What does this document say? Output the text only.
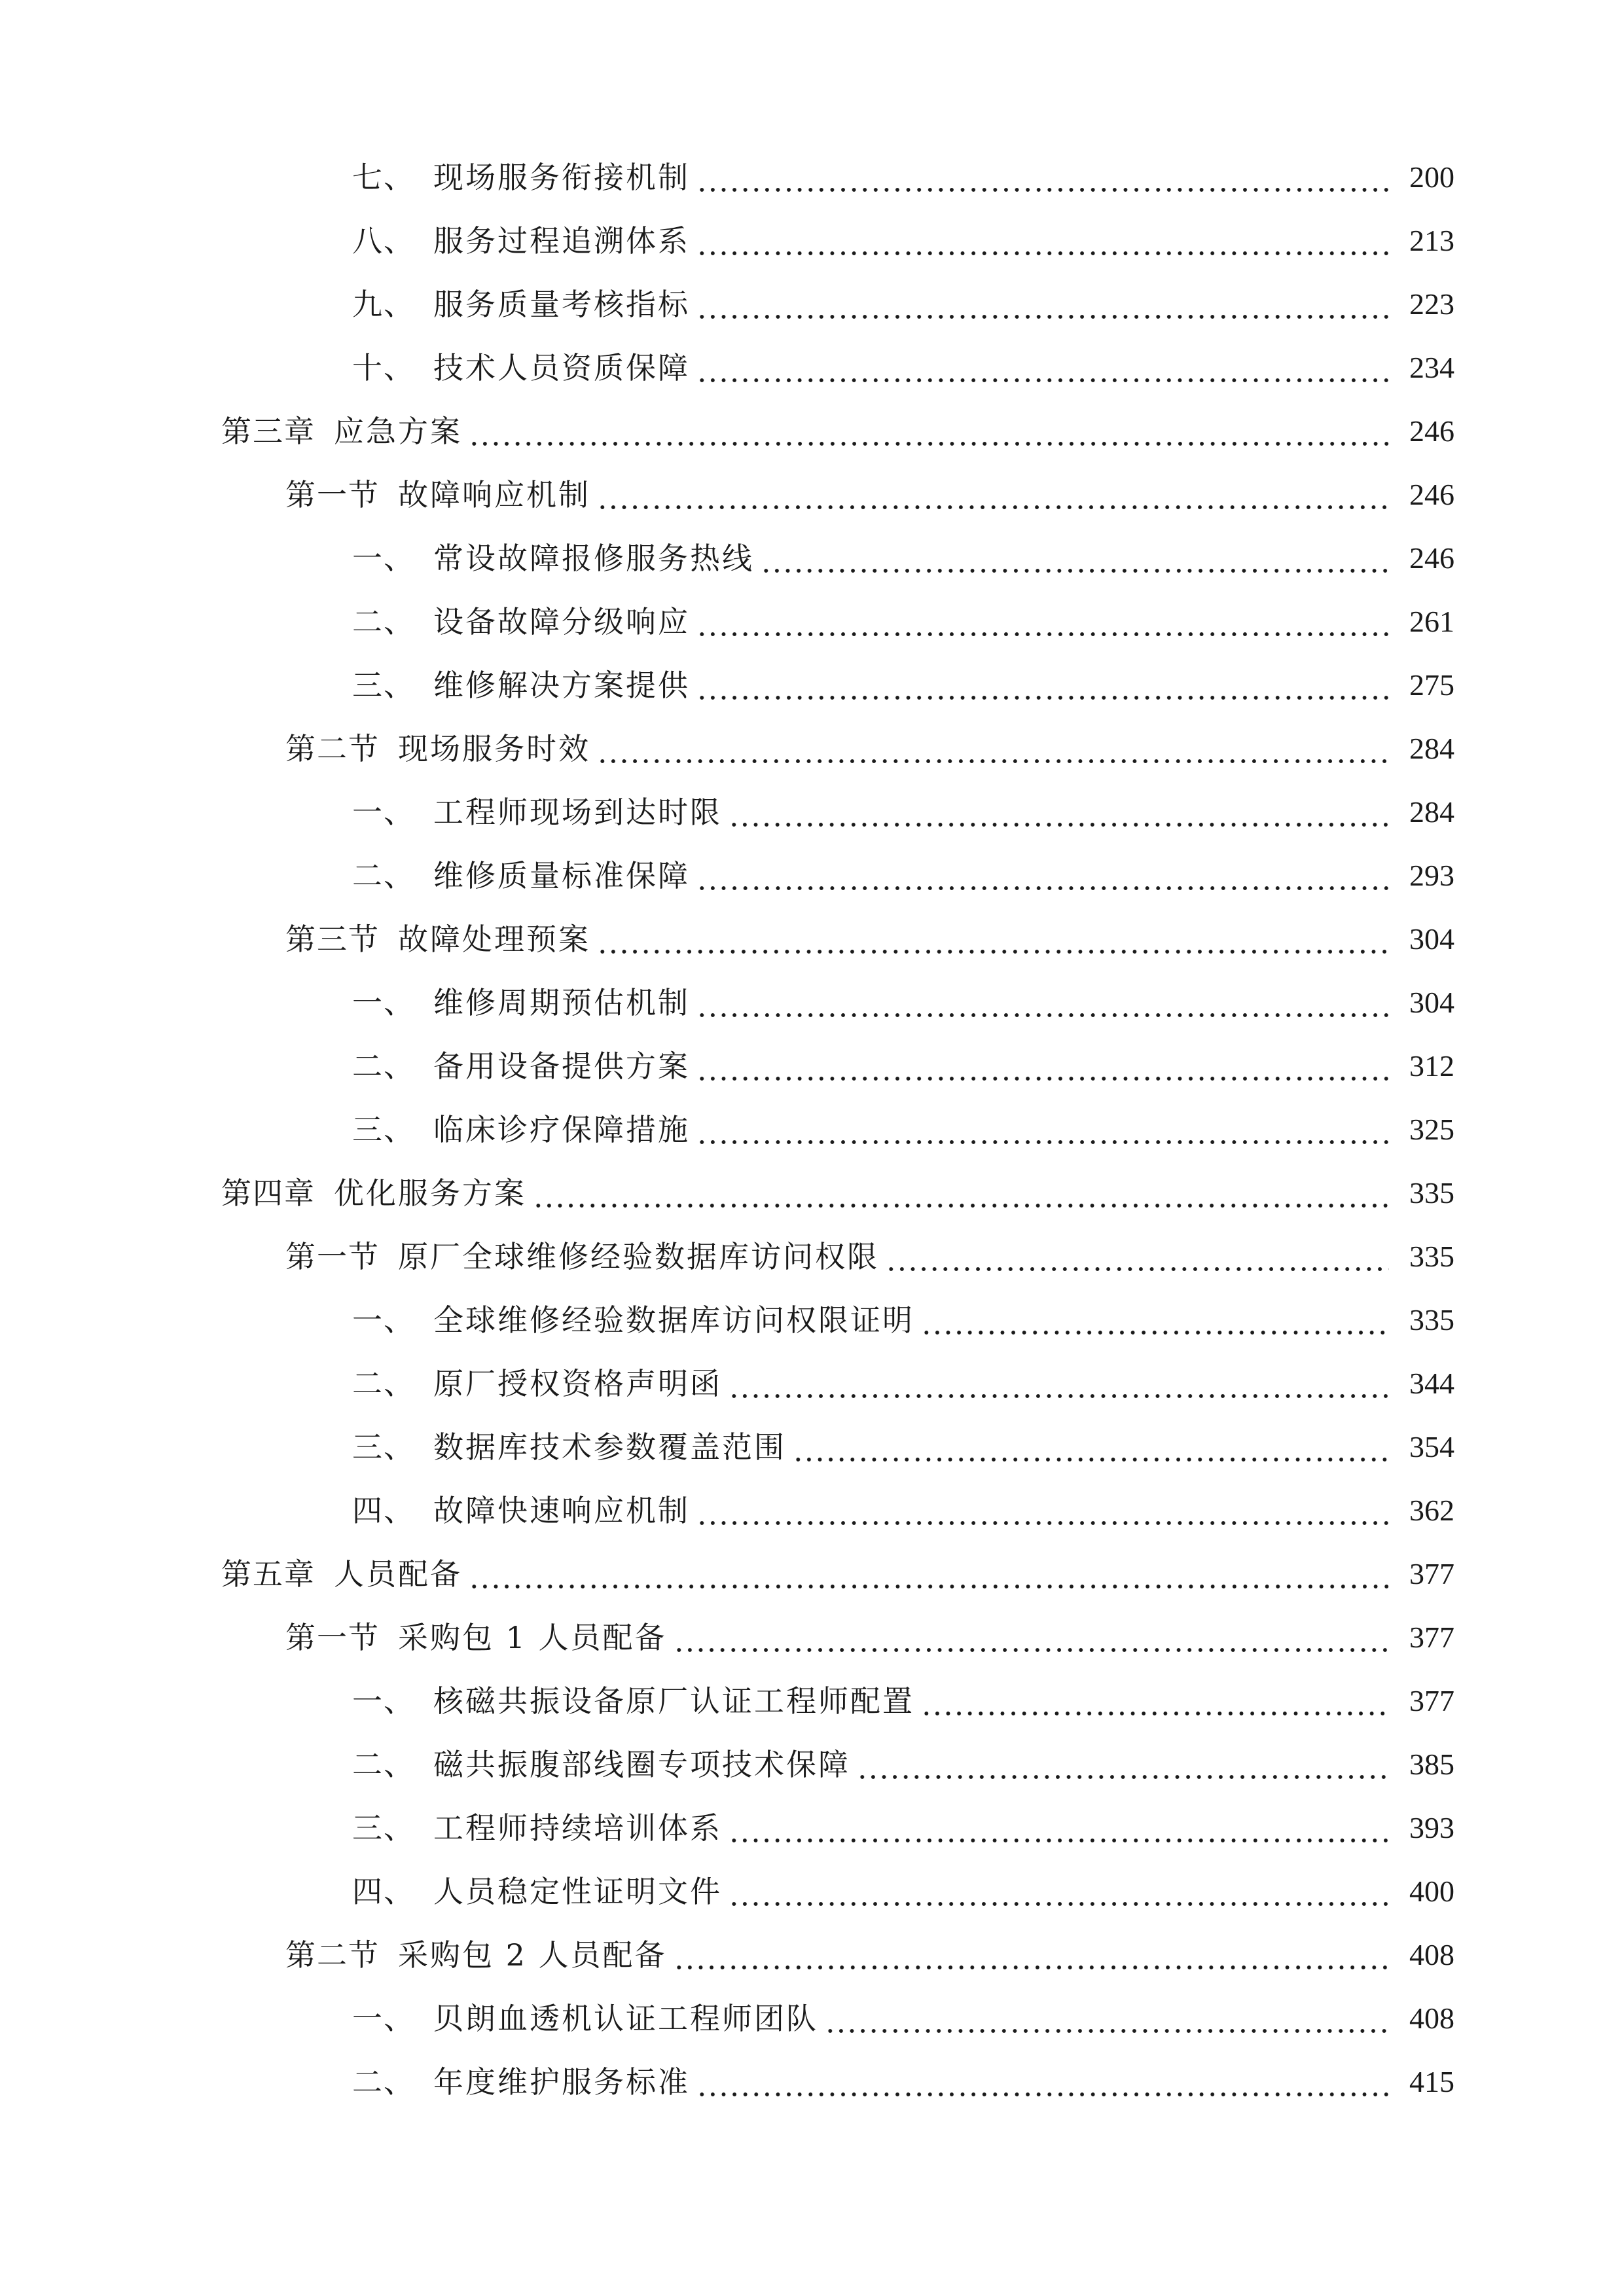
七、 现场服务衔接机制	200
八、 服务过程追溯体系	213
九、 服务质量考核指标	223
十、 技术人员资质保障	234
第三章 应急方案	246
第一节 故障响应机制	246
一、 常设故障报修服务热线	246
二、 设备故障分级响应	261
三、 维修解决方案提供	275
第二节 现场服务时效	284
一、 工程师现场到达时限	284
二、 维修质量标准保障	293
第三节 故障处理预案	304
一、 维修周期预估机制	304
二、 备用设备提供方案	312
三、 临床诊疗保障措施	325
第四章 优化服务方案	335
第一节 原厂全球维修经验数据库访问权限	335
一、 全球维修经验数据库访问权限证明	335
二、 原厂授权资格声明函	344
三、 数据库技术参数覆盖范围	354
四、 故障快速响应机制	362
第五章 人员配备	377
第一节 采购包 1 人员配备	377
一、 核磁共振设备原厂认证工程师配置	377
二、 磁共振腹部线圈专项技术保障	385
三、 工程师持续培训体系	393
四、 人员稳定性证明文件	400
第二节 采购包 2 人员配备	408
一、 贝朗血透机认证工程师团队	408
二、 年度维护服务标准	415
